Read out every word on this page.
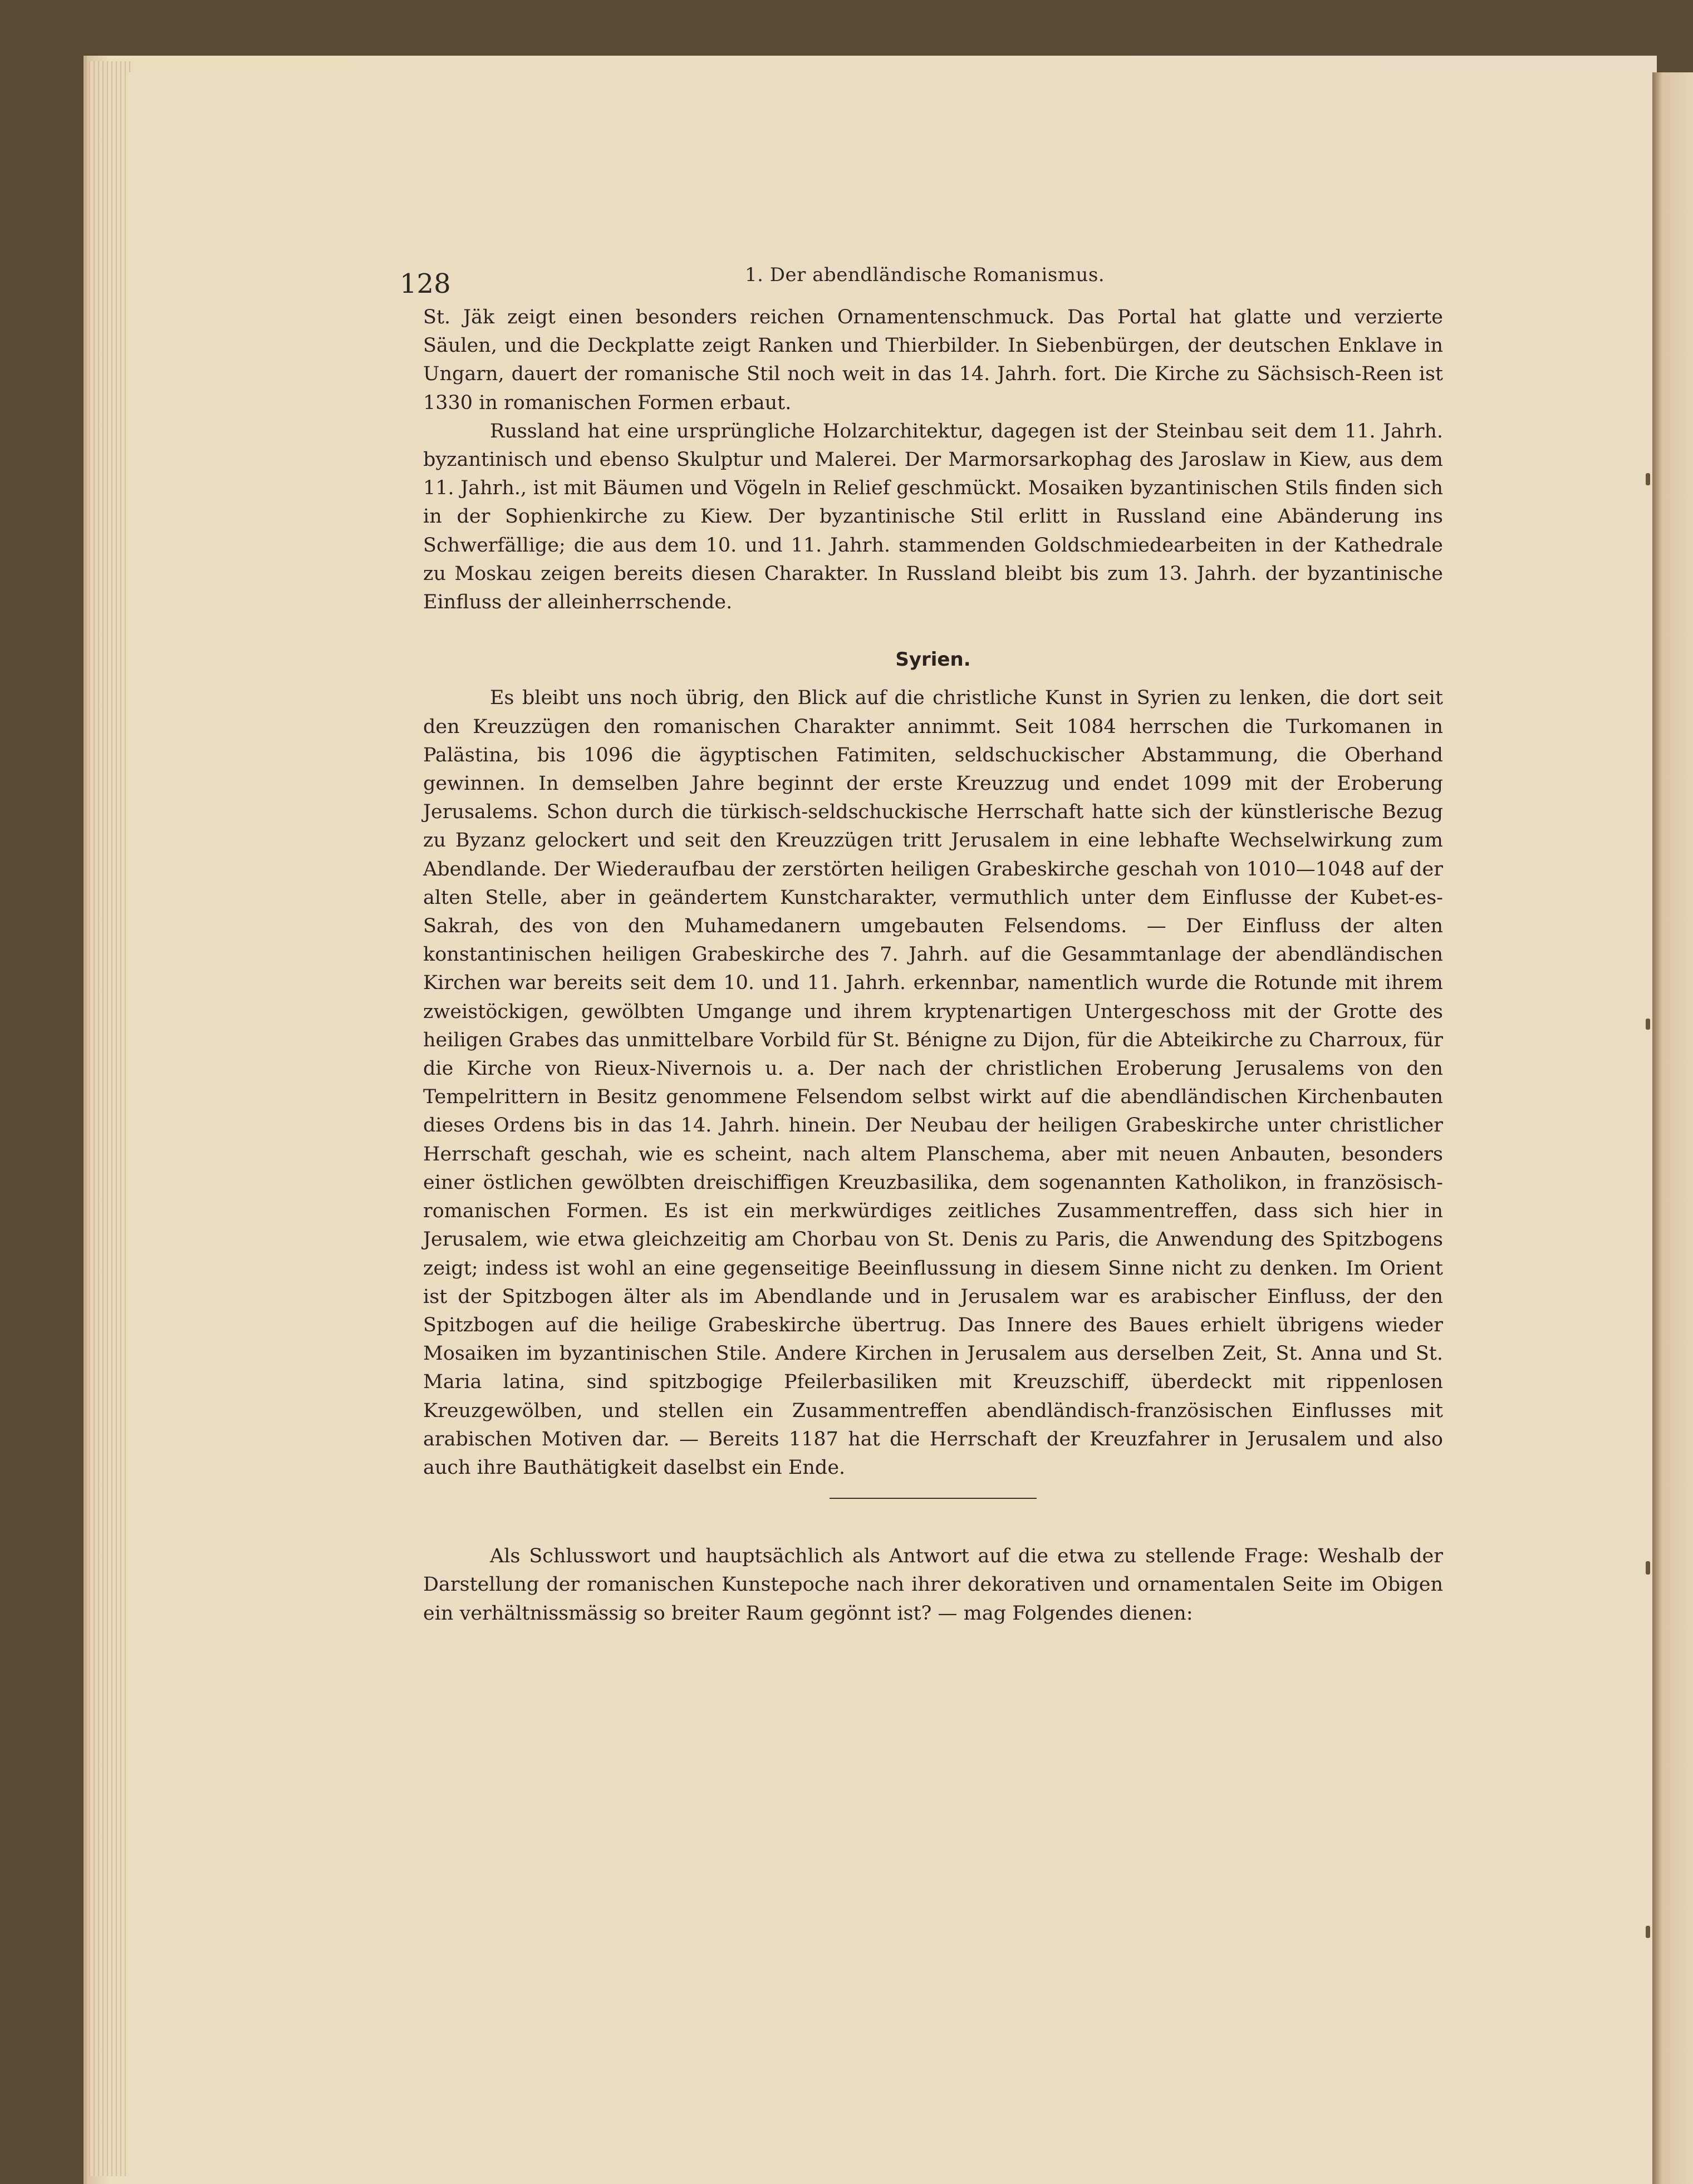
128	1. Der abendländische Romanismus.

St. Jäk zeigt einen besonders reichen Ornamentenschmuck. Das Portal hat glatte und verzierte Säulen, und die Deckplatte zeigt Ranken und Thierbilder. In Siebenbürgen, der deutschen Enklave in Ungarn, dauert der romanische Stil noch weit in das 14. Jahrh. fort. Die Kirche zu Sächsisch-Reen ist 1330 in romanischen Formen erbaut.

Russland hat eine ursprüngliche Holzarchitektur, dagegen ist der Steinbau seit dem 11. Jahrh. byzantinisch und ebenso Skulptur und Malerei. Der Marmorsarkophag des Jaroslaw in Kiew, aus dem 11. Jahrh., ist mit Bäumen und Vögeln in Relief geschmückt. Mosaiken byzantinischen Stils finden sich in der Sophienkirche zu Kiew. Der byzantinische Stil erlitt in Russland eine Abänderung ins Schwerfällige; die aus dem 10. und 11. Jahrh. stammenden Goldschmiedearbeiten in der Kathedrale zu Moskau zeigen bereits diesen Charakter. In Russland bleibt bis zum 13. Jahrh. der byzantinische Einfluss der alleinherrschende.

Syrien.

Es bleibt uns noch übrig, den Blick auf die christliche Kunst in Syrien zu lenken, die dort seit den Kreuzzügen den romanischen Charakter annimmt. Seit 1084 herrschen die Turkomanen in Palästina, bis 1096 die ägyptischen Fatimiten, seldschuckischer Abstammung, die Oberhand gewinnen. In demselben Jahre beginnt der erste Kreuzzug und endet 1099 mit der Eroberung Jerusalems. Schon durch die türkisch-seldschuckische Herrschaft hatte sich der künstlerische Bezug zu Byzanz gelockert und seit den Kreuzzügen tritt Jerusalem in eine lebhafte Wechselwirkung zum Abendlande. Der Wiederaufbau der zerstörten heiligen Grabeskirche geschah von 1010—1048 auf der alten Stelle, aber in geändertem Kunstcharakter, vermuthlich unter dem Einflusse der Kubet-es-Sakrah, des von den Muhamedanern umgebauten Felsendoms. — Der Einfluss der alten konstantinischen heiligen Grabeskirche des 7. Jahrh. auf die Gesammtanlage der abendländischen Kirchen war bereits seit dem 10. und 11. Jahrh. erkennbar, namentlich wurde die Rotunde mit ihrem zweistöckigen, gewölbten Umgange und ihrem kryptenartigen Untergeschoss mit der Grotte des heiligen Grabes das unmittelbare Vorbild für St. Bénigne zu Dijon, für die Abteikirche zu Charroux, für die Kirche von Rieux-Nivernois u. a. Der nach der christlichen Eroberung Jerusalems von den Tempelrittern in Besitz genommene Felsendom selbst wirkt auf die abendländischen Kirchenbauten dieses Ordens bis in das 14. Jahrh. hinein. Der Neubau der heiligen Grabeskirche unter christlicher Herrschaft geschah, wie es scheint, nach altem Planschema, aber mit neuen Anbauten, besonders einer östlichen gewölbten dreischiffigen Kreuzbasilika, dem sogenannten Katholikon, in französisch-romanischen Formen. Es ist ein merkwürdiges zeitliches Zusammentreffen, dass sich hier in Jerusalem, wie etwa gleichzeitig am Chorbau von St. Denis zu Paris, die Anwendung des Spitzbogens zeigt; indess ist wohl an eine gegenseitige Beeinflussung in diesem Sinne nicht zu denken. Im Orient ist der Spitzbogen älter als im Abendlande und in Jerusalem war es arabischer Einfluss, der den Spitzbogen auf die heilige Grabeskirche übertrug. Das Innere des Baues erhielt übrigens wieder Mosaiken im byzantinischen Stile. Andere Kirchen in Jerusalem aus derselben Zeit, St. Anna und St. Maria latina, sind spitzbogige Pfeilerbasiliken mit Kreuzschiff, überdeckt mit rippenlosen Kreuzgewölben, und stellen ein Zusammentreffen abendländisch-französischen Einflusses mit arabischen Motiven dar. — Bereits 1187 hat die Herrschaft der Kreuzfahrer in Jerusalem und also auch ihre Bauthätigkeit daselbst ein Ende.

Als Schlusswort und hauptsächlich als Antwort auf die etwa zu stellende Frage: Weshalb der Darstellung der romanischen Kunstepoche nach ihrer dekorativen und ornamentalen Seite im Obigen ein verhältnissmässig so breiter Raum gegönnt ist? — mag Folgendes dienen:
